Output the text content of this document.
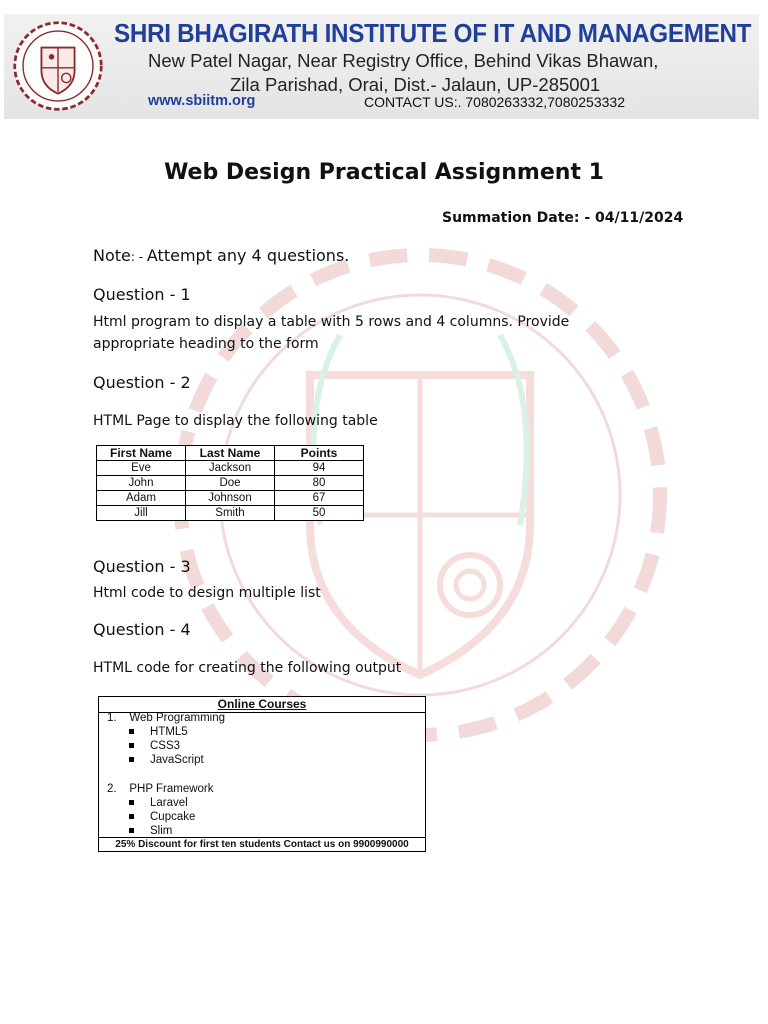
SHRI BHAGIRATH INSTITUTE OF IT AND MANAGEMENT
New Patel Nagar, Near Registry Office, Behind Vikas Bhawan,
Zila Parishad, Orai, Dist.- Jalaun, UP-285001
www.sbiitm.org	CONTACT US:. 7080263332,7080253332
Web Design Practical Assignment 1
Summation Date: - 04/11/2024
Note: - Attempt any 4 questions.
Question - 1
Html program to display a table with 5 rows and 4 columns. Provide appropriate heading to the form
Question - 2
HTML Page to display the following table
First Name	Last Name	Points
Eve	Jackson	94
John	Doe	80
Adam	Johnson	67
Jill	Smith	50
Question - 3
Html code to design multiple list
Question - 4
HTML code for creating the following output
Online Courses
1. Web Programming
HTML5
CSS3
JavaScript
2. PHP Framework
Laravel
Cupcake
Slim
25% Discount for first ten students Contact us on 9900990000
